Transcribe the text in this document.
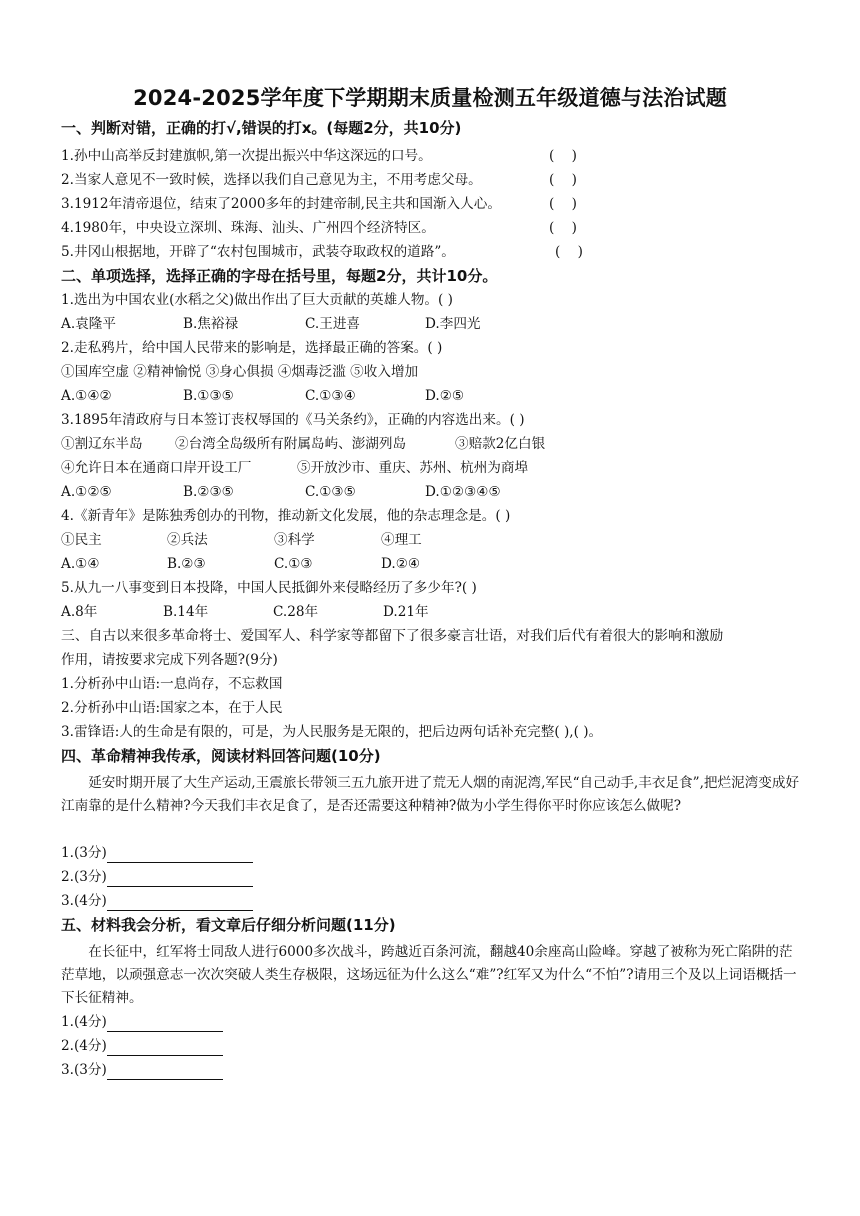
2024-2025学年度下学期期末质量检测五年级道德与法治试题
一、判断对错，正确的打√,错误的打x。(每题2分，共10分)
1.孙中山高举反封建旗帜,第一次提出振兴中华这深远的口号。	(    )
2.当家人意见不一致时候，选择以我们自己意见为主，不用考虑父母。	(    )
3.1912年清帝退位，结束了2000多年的封建帝制,民主共和国渐入人心。	(    )
4.1980年，中央设立深圳、珠海、汕头、广州四个经济特区。	(    )
5.井冈山根据地，开辟了“农村包围城市，武装夺取政权的道路”。	(    )
二、单项选择，选择正确的字母在括号里，每题2分，共计10分。
1.选出为中国农业(水稻之父)做出作出了巨大贡献的英雄人物。( )
A.袁隆平	B.焦裕禄	C.王进喜	D.李四光
2.走私鸦片，给中国人民带来的影响是，选择最正确的答案。( )
①国库空虚 ②精神愉悦 ③身心俱损 ④烟毒泛滥 ⑤收入增加
A.①④②	B.①③⑤	C.①③④	D.②⑤
3.1895年清政府与日本签订丧权辱国的《马关条约》，正确的内容选出来。( )
①割辽东半岛 ②台湾全岛级所有附属岛屿、澎湖列岛	③赔款2亿白银
④允许日本在通商口岸开设工厂	⑤开放沙市、重庆、苏州、杭州为商埠
A.①②⑤	B.②③⑤	C.①③⑤	D.①②③④⑤
4.《新青年》是陈独秀创办的刊物，推动新文化发展，他的杂志理念是。( )
①民主	②兵法	③科学	④理工
A.①④	B.②③	C.①③	D.②④
5.从九一八事变到日本投降，中国人民抵御外来侵略经历了多少年?( )
A.8年	B.14年	C.28年	D.21年
三、自古以来很多革命将士、爱国军人、科学家等都留下了很多豪言壮语，对我们后代有着很大的影响和激励
作用，请按要求完成下列各题?(9分)
1.分析孙中山语:一息尚存，不忘救国
2.分析孙中山语:国家之本，在于人民
3.雷锋语:人的生命是有限的，可是，为人民服务是无限的，把后边两句话补充完整( ),( )。
四、革命精神我传承，阅读材料回答问题(10分)
延安时期开展了大生产运动,王震旅长带领三五九旅开进了荒无人烟的南泥湾,军民“自己动手,丰衣足食”,把烂泥湾变成好江南靠的是什么精神?今天我们丰衣足食了，是否还需要这种精神?做为小学生得你平时你应该怎么做呢?
1.(3分)
2.(3分)
3.(4分)
五、材料我会分析，看文章后仔细分析问题(11分)
在长征中，红军将士同敌人进行6000多次战斗，跨越近百条河流，翻越40余座高山险峰。穿越了被称为死亡陷阱的茫茫草地，以顽强意志一次次突破人类生存极限，这场远征为什么这么“难”?红军又为什么“不怕”?请用三个及以上词语概括一下长征精神。
1.(4分)
2.(4分)
3.(3分)
